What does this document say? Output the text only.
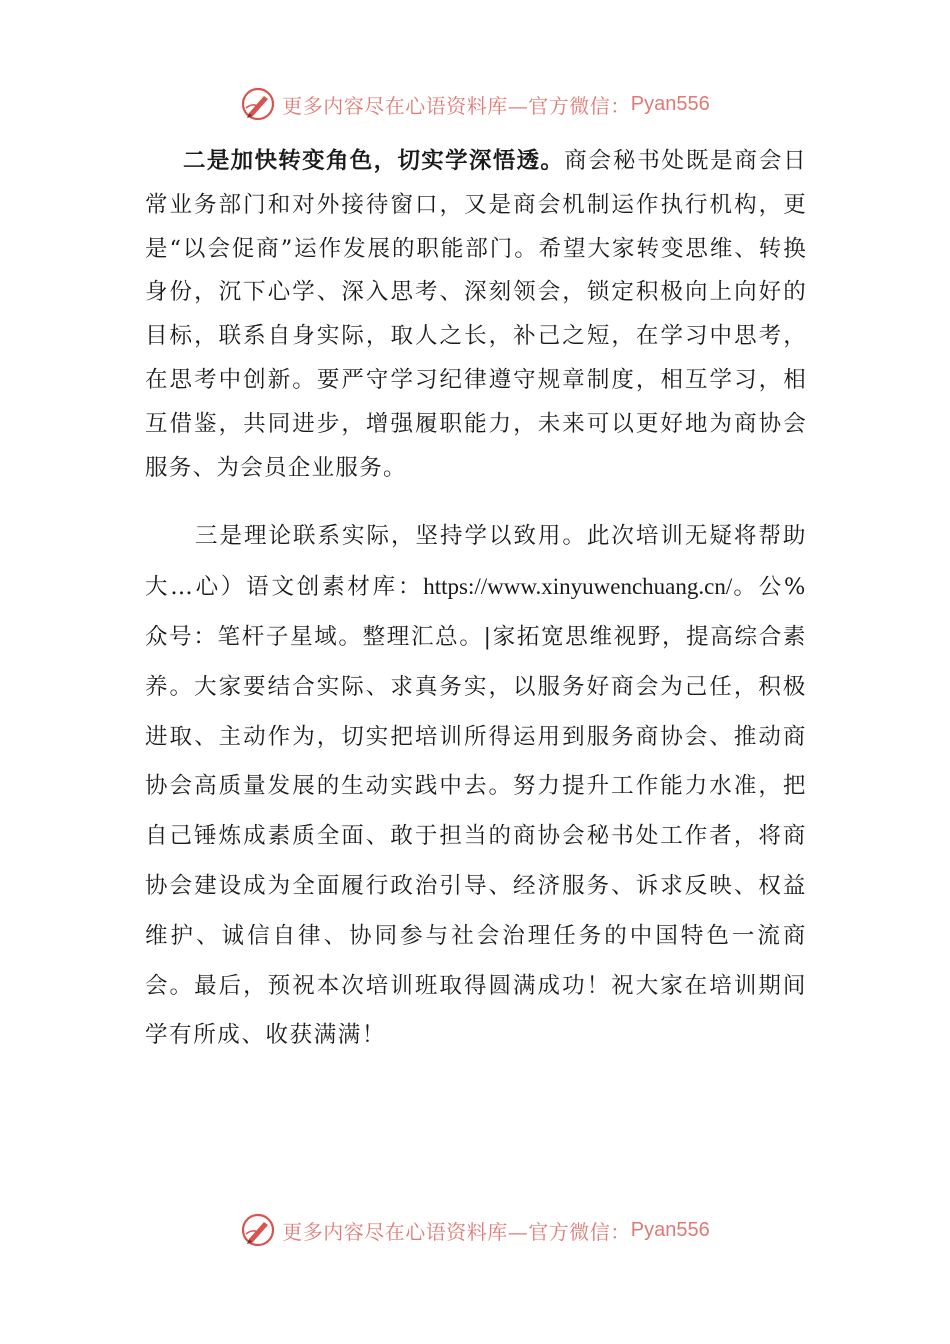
更多内容尽在心语资料库—官方微信： Pyan556

二是加快转变角色，切实学深悟透。商会秘书处既是商会日常业务部门和对外接待窗口，又是商会机制运作执行机构，更是“以会促商”运作发展的职能部门。希望大家转变思维、转换身份，沉下心学、深入思考、深刻领会，锁定积极向上向好的目标，联系自身实际，取人之长，补己之短，在学习中思考，在思考中创新。要严守学习纪律遵守规章制度，相互学习，相互借鉴，共同进步，增强履职能力，未来可以更好地为商协会服务、为会员企业服务。

三是理论联系实际，坚持学以致用。此次培训无疑将帮助大…心）语文创素材库：https://www.xinyuwenchuang.cn/。公%众号：笔杆子星域。整理汇总。|家拓宽思维视野，提高综合素养。大家要结合实际、求真务实，以服务好商会为己任，积极进取、主动作为，切实把培训所得运用到服务商协会、推动商协会高质量发展的生动实践中去。努力提升工作能力水准，把自己锤炼成素质全面、敢于担当的商协会秘书处工作者，将商协会建设成为全面履行政治引导、经济服务、诉求反映、权益维护、诚信自律、协同参与社会治理任务的中国特色一流商会。最后，预祝本次培训班取得圆满成功！祝大家在培训期间学有所成、收获满满！

更多内容尽在心语资料库—官方微信： Pyan556
